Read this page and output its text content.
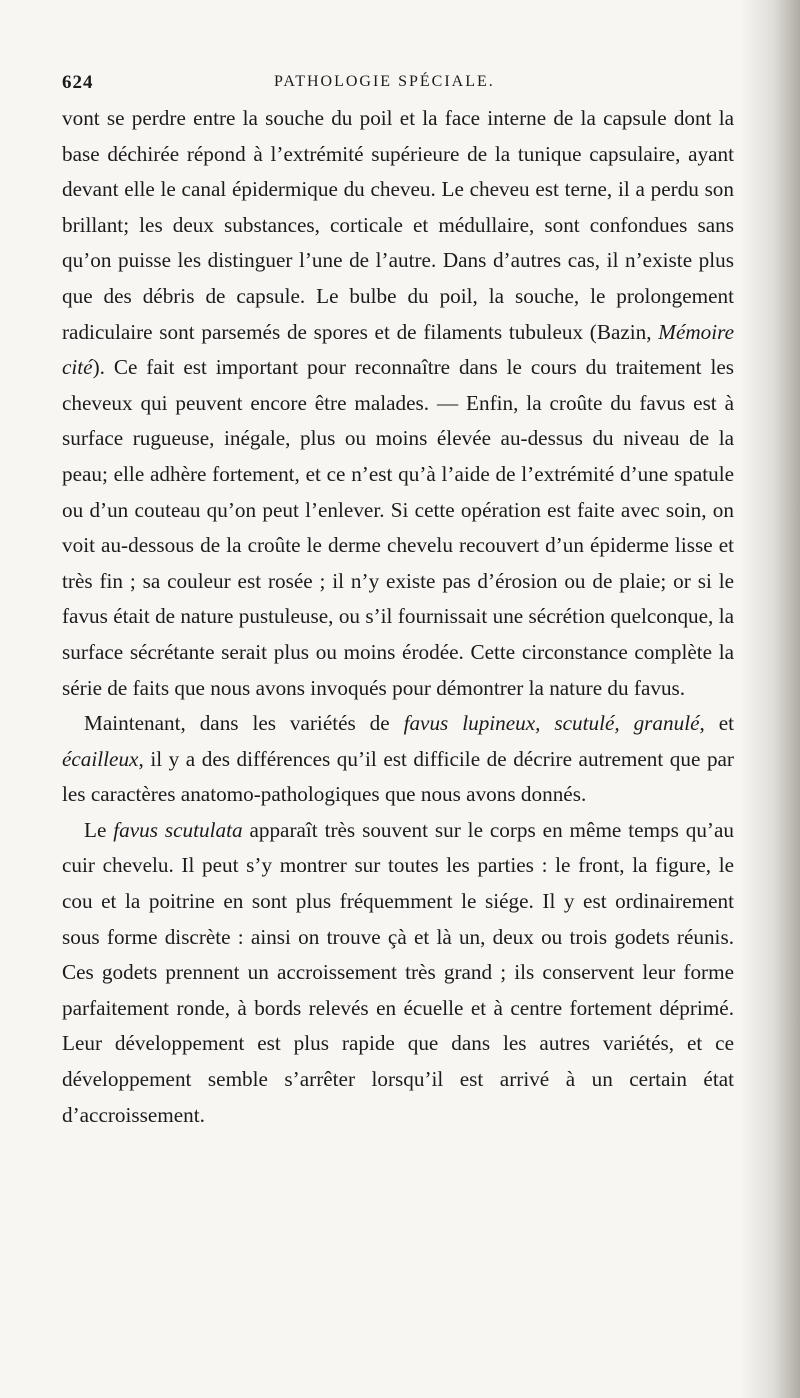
624	PATHOLOGIE SPÉCIALE.

vont se perdre entre la souche du poil et la face interne de la capsule dont la base déchirée répond à l’extrémité supérieure de la tunique capsulaire, ayant devant elle le canal épidermique du cheveu. Le cheveu est terne, il a perdu son brillant; les deux substances, corticale et médullaire, sont confondues sans qu’on puisse les distinguer l’une de l’autre. Dans d’autres cas, il n’existe plus que des débris de capsule. Le bulbe du poil, la souche, le prolongement radiculaire sont parsemés de spores et de filaments tubuleux (Bazin, Mémoire cité). Ce fait est important pour reconnaître dans le cours du traitement les cheveux qui peuvent encore être malades. — Enfin, la croûte du favus est à surface rugueuse, inégale, plus ou moins élevée au-dessus du niveau de la peau; elle adhère fortement, et ce n’est qu’à l’aide de l’extrémité d’une spatule ou d’un couteau qu’on peut l’enlever. Si cette opération est faite avec soin, on voit au-dessous de la croûte le derme chevelu recouvert d’un épiderme lisse et très fin ; sa couleur est rosée ; il n’y existe pas d’érosion ou de plaie; or si le favus était de nature pustuleuse, ou s’il fournissait une sécrétion quelconque, la surface sécrétante serait plus ou moins érodée. Cette circonstance complète la série de faits que nous avons invoqués pour démontrer la nature du favus.

Maintenant, dans les variétés de favus lupineux, scutulé, granulé, et écailleux, il y a des différences qu’il est difficile de décrire autrement que par les caractères anatomo-pathologiques que nous avons donnés.

Le favus scutulata apparaît très souvent sur le corps en même temps qu’au cuir chevelu. Il peut s’y montrer sur toutes les parties : le front, la figure, le cou et la poitrine en sont plus fréquemment le siége. Il y est ordinairement sous forme discrète : ainsi on trouve çà et là un, deux ou trois godets réunis. Ces godets prennent un accroissement très grand ; ils conservent leur forme parfaitement ronde, à bords relevés en écuelle et à centre fortement déprimé. Leur développement est plus rapide que dans les autres variétés, et ce développement semble s’arrêter lorsqu’il est arrivé à un certain état d’accroissement.
